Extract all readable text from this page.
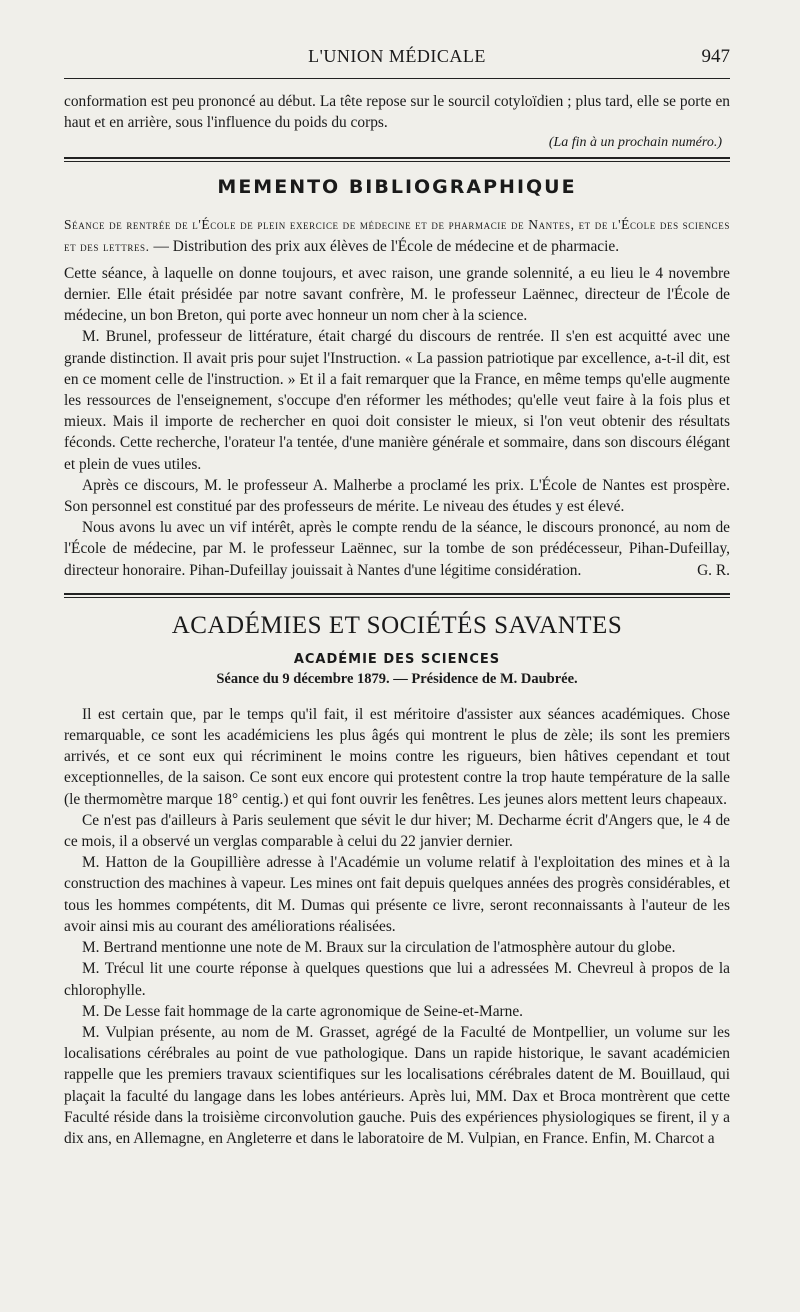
L'UNION MÉDICALE	947

conformation est peu prononcé au début. La tête repose sur le sourcil cotyloïdien ; plus tard, elle se porte en haut et en arrière, sous l'influence du poids du corps.

(La fin à un prochain numéro.)
MEMENTO BIBLIOGRAPHIQUE

Séance de rentrée de l'École de plein exercice de médecine et de pharmacie de Nantes, et de l'École des sciences et des lettres. — Distribution des prix aux élèves de l'École de médecine et de pharmacie.

Cette séance, à laquelle on donne toujours, et avec raison, une grande solennité, a eu lieu le 4 novembre dernier. Elle était présidée par notre savant confrère, M. le professeur Laënnec, directeur de l'École de médecine, un bon Breton, qui porte avec honneur un nom cher à la science.

M. Brunel, professeur de littérature, était chargé du discours de rentrée. Il s'en est acquitté avec une grande distinction. Il avait pris pour sujet l'Instruction. « La passion patriotique par excellence, a-t-il dit, est en ce moment celle de l'instruction. » Et il a fait remarquer que la France, en même temps qu'elle augmente les ressources de l'enseignement, s'occupe d'en réformer les méthodes; qu'elle veut faire à la fois plus et mieux. Mais il importe de rechercher en quoi doit consister le mieux, si l'on veut obtenir des résultats féconds. Cette recherche, l'orateur l'a tentée, d'une manière générale et sommaire, dans son discours élégant et plein de vues utiles.

Après ce discours, M. le professeur A. Malherbe a proclamé les prix. L'École de Nantes est prospère. Son personnel est constitué par des professeurs de mérite. Le niveau des études y est élevé.

Nous avons lu avec un vif intérêt, après le compte rendu de la séance, le discours prononcé, au nom de l'École de médecine, par M. le professeur Laënnec, sur la tombe de son prédécesseur, Pihan-Dufeillay, directeur honoraire. Pihan-Dufeillay jouissait à Nantes d'une légitime considération.	G. R.

ACADÉMIES ET SOCIÉTÉS SAVANTES
ACADÉMIE DES SCIENCES
Séance du 9 décembre 1879. — Présidence de M. Daubrée.

Il est certain que, par le temps qu'il fait, il est méritoire d'assister aux séances académiques. Chose remarquable, ce sont les académiciens les plus âgés qui montrent le plus de zèle; ils sont les premiers arrivés, et ce sont eux qui récriminent le moins contre les rigueurs, bien hâtives cependant et tout exceptionnelles, de la saison. Ce sont eux encore qui protestent contre la trop haute température de la salle (le thermomètre marque 18° centig.) et qui font ouvrir les fenêtres. Les jeunes alors mettent leurs chapeaux.

Ce n'est pas d'ailleurs à Paris seulement que sévit le dur hiver; M. Decharme écrit d'Angers que, le 4 de ce mois, il a observé un verglas comparable à celui du 22 janvier dernier.

M. Hatton de la Goupillière adresse à l'Académie un volume relatif à l'exploitation des mines et à la construction des machines à vapeur. Les mines ont fait depuis quelques années des progrès considérables, et tous les hommes compétents, dit M. Dumas qui présente ce livre, seront reconnaissants à l'auteur de les avoir ainsi mis au courant des améliorations réalisées.

M. Bertrand mentionne une note de M. Braux sur la circulation de l'atmosphère autour du globe.

M. Trécul lit une courte réponse à quelques questions que lui a adressées M. Chevreul à propos de la chlorophylle.

M. De Lesse fait hommage de la carte agronomique de Seine-et-Marne.

M. Vulpian présente, au nom de M. Grasset, agrégé de la Faculté de Montpellier, un volume sur les localisations cérébrales au point de vue pathologique. Dans un rapide historique, le savant académicien rappelle que les premiers travaux scientifiques sur les localisations cérébrales datent de M. Bouillaud, qui plaçait la faculté du langage dans les lobes antérieurs. Après lui, MM. Dax et Broca montrèrent que cette Faculté réside dans la troisième circonvolution gauche. Puis des expériences physiologiques se firent, il y a dix ans, en Allemagne, en Angleterre et dans le laboratoire de M. Vulpian, en France. Enfin, M. Charcot a
